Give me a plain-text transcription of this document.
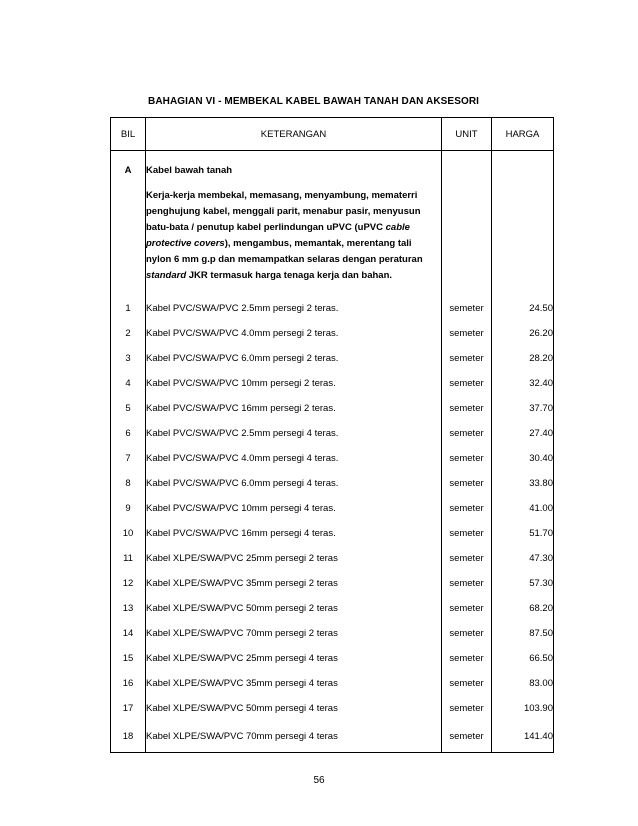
BAHAGIAN VI - MEMBEKAL KABEL BAWAH TANAH DAN AKSESORI
BIL	KETERANGAN	UNIT	HARGA
A	Kabel bawah tanah
Kerja-kerja membekal, memasang, menyambung, mematerri penghujung kabel, menggali parit, menabur pasir, menyusun batu-bata / penutup kabel perlindungan uPVC (uPVC cable protective covers), mengambus, memantak, merentang tali nylon 6 mm g.p dan memampatkan selaras dengan peraturan standard JKR termasuk harga tenaga kerja dan bahan.		

1	Kabel PVC/SWA/PVC 2.5mm persegi 2 teras.	semeter	24.50
2	Kabel PVC/SWA/PVC 4.0mm persegi 2 teras.	semeter	26.20
3	Kabel PVC/SWA/PVC 6.0mm persegi 2 teras.	semeter	28.20
4	Kabel PVC/SWA/PVC 10mm persegi 2 teras.	semeter	32.40
5	Kabel PVC/SWA/PVC 16mm persegi 2 teras.	semeter	37.70
6	Kabel PVC/SWA/PVC 2.5mm persegi 4 teras.	semeter	27.40
7	Kabel PVC/SWA/PVC 4.0mm persegi 4 teras.	semeter	30.40
8	Kabel PVC/SWA/PVC 6.0mm persegi 4 teras.	semeter	33.80
9	Kabel PVC/SWA/PVC 10mm persegi 4 teras.	semeter	41.00
10	Kabel PVC/SWA/PVC 16mm persegi 4 teras.	semeter	51.70
11	Kabel XLPE/SWA/PVC 25mm persegi 2 teras	semeter	47.30
12	Kabel XLPE/SWA/PVC 35mm persegi 2 teras	semeter	57.30
13	Kabel XLPE/SWA/PVC 50mm persegi 2 teras	semeter	68.20
14	Kabel XLPE/SWA/PVC 70mm persegi 2 teras	semeter	87.50
15	Kabel XLPE/SWA/PVC 25mm persegi 4 teras	semeter	66.50
16	Kabel XLPE/SWA/PVC 35mm persegi 4 teras	semeter	83.00
17	Kabel XLPE/SWA/PVC 50mm persegi 4 teras	semeter	103.90
18	Kabel XLPE/SWA/PVC 70mm persegi 4 teras	semeter	141.40
56
